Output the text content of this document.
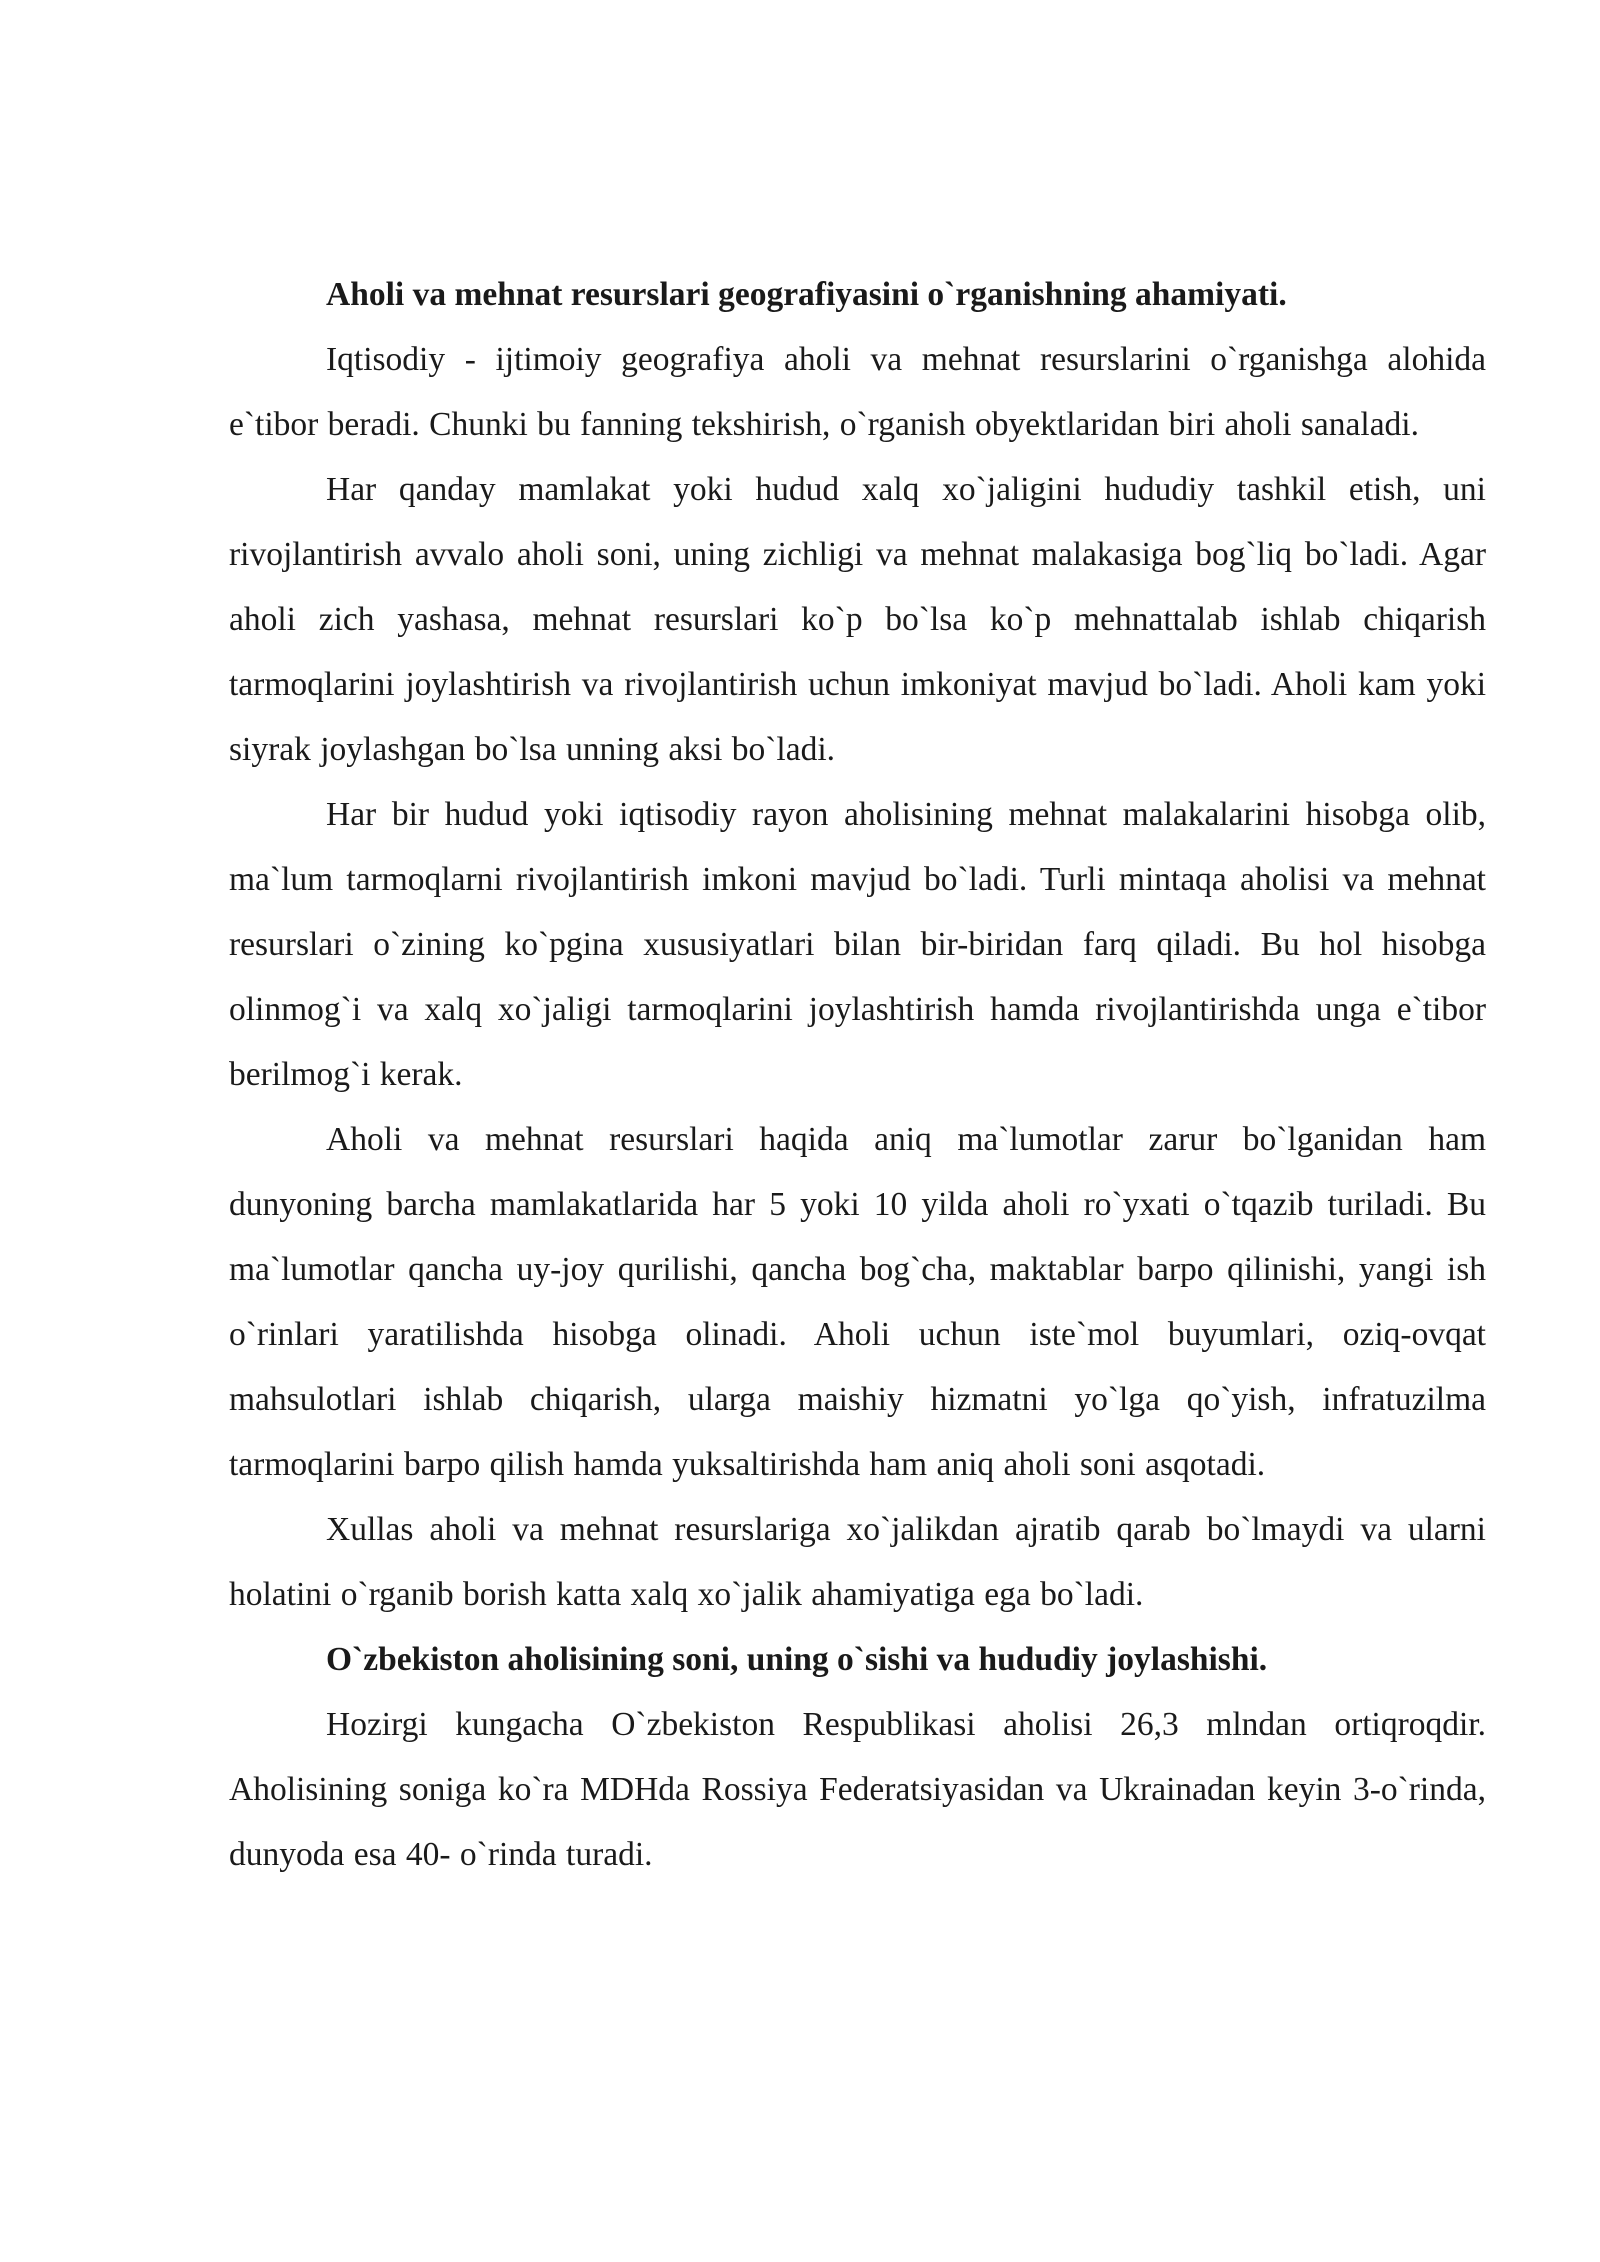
Aholi va mehnat resurslari geografiyasini o`rganishning ahamiyati.

Iqtisodiy - ijtimoiy geografiya aholi va mehnat resurslarini o`rganishga alohida e`tibor beradi. Chunki bu fanning tekshirish, o`rganish obyektlaridan biri aholi sanaladi.

Har qanday mamlakat yoki hudud xalq xo`jaligini hududiy tashkil etish, uni rivojlantirish avvalo aholi soni, uning zichligi va mehnat malakasiga bog`liq bo`ladi. Agar aholi zich yashasa, mehnat resurslari ko`p bo`lsa ko`p mehnattalab ishlab chiqarish tarmoqlarini joylashtirish va rivojlantirish uchun imkoniyat mavjud bo`ladi. Aholi kam yoki siyrak joylashgan bo`lsa unning aksi bo`ladi.

Har bir hudud yoki iqtisodiy rayon aholisining mehnat malakalarini hisobga olib, ma`lum tarmoqlarni rivojlantirish imkoni mavjud bo`ladi. Turli mintaqa aholisi va mehnat resurslari o`zining ko`pgina xususiyatlari bilan bir-biridan farq qiladi. Bu hol hisobga olinmog`i va xalq xo`jaligi tarmoqlarini joylashtirish hamda rivojlantirishda unga e`tibor berilmog`i kerak.

Aholi va mehnat resurslari haqida aniq ma`lumotlar zarur bo`lganidan ham dunyoning barcha mamlakatlarida har 5 yoki 10 yilda aholi ro`yxati o`tqazib turiladi. Bu ma`lumotlar qancha uy-joy qurilishi, qancha bog`cha, maktablar barpo qilinishi, yangi ish o`rinlari yaratilishda hisobga olinadi. Aholi uchun iste`mol buyumlari, oziq-ovqat mahsulotlari ishlab chiqarish, ularga maishiy hizmatni yo`lga qo`yish, infratuzilma tarmoqlarini barpo qilish hamda yuksaltirishda ham aniq aholi soni asqotadi.

Xullas aholi va mehnat resurslariga xo`jalikdan ajratib qarab bo`lmaydi va ularni holatini o`rganib borish katta xalq xo`jalik ahamiyatiga ega bo`ladi.

O`zbekiston aholisining soni, uning o`sishi va hududiy joylashishi.

Hozirgi kungacha O`zbekiston Respublikasi aholisi 26,3 mlndan ortiqroqdir. Aholisining soniga ko`ra MDHda Rossiya Federatsiyasidan va Ukrainadan keyin 3-o`rinda, dunyoda esa 40- o`rinda turadi.
